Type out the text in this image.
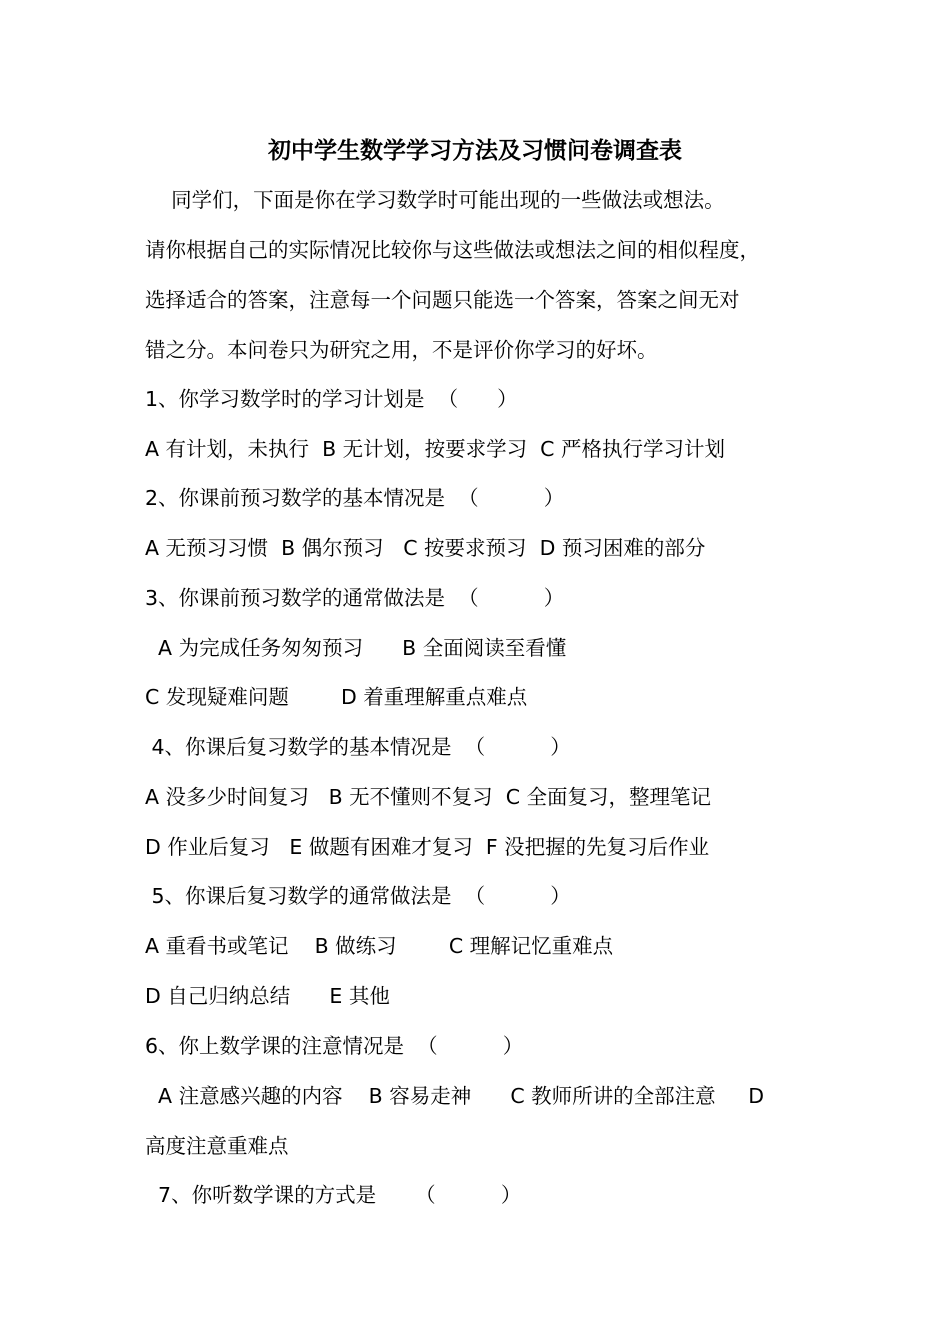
初中学生数学学习方法及习惯问卷调查表
同学们，下面是你在学习数学时可能出现的一些做法或想法。
请你根据自己的实际情况比较你与这些做法或想法之间的相似程度，
选择适合的答案，注意每一个问题只能选一个答案，答案之间无对
错之分。本问卷只为研究之用，不是评价你学习的好坏。
1、你学习数学时的学习计划是  （      ）
A 有计划，未执行  B 无计划，按要求学习  C 严格执行学习计划
2、你课前预习数学的基本情况是  （          ）
A 无预习习惯  B 偶尔预习   C 按要求预习  D 预习困难的部分
3、你课前预习数学的通常做法是  （          ）
A 为完成任务匆匆预习      B 全面阅读至看懂
C 发现疑难问题        D 着重理解重点难点
4、你课后复习数学的基本情况是  （          ）
A 没多少时间复习   B 无不懂则不复习  C 全面复习，整理笔记
D 作业后复习   E 做题有困难才复习  F 没把握的先复习后作业
5、你课后复习数学的通常做法是  （          ）
A 重看书或笔记    B 做练习        C 理解记忆重难点
D 自己归纳总结      E 其他
6、你上数学课的注意情况是  （          ）
A 注意感兴趣的内容    B 容易走神      C 教师所讲的全部注意     D
高度注意重难点
7、你听数学课的方式是      （          ）
